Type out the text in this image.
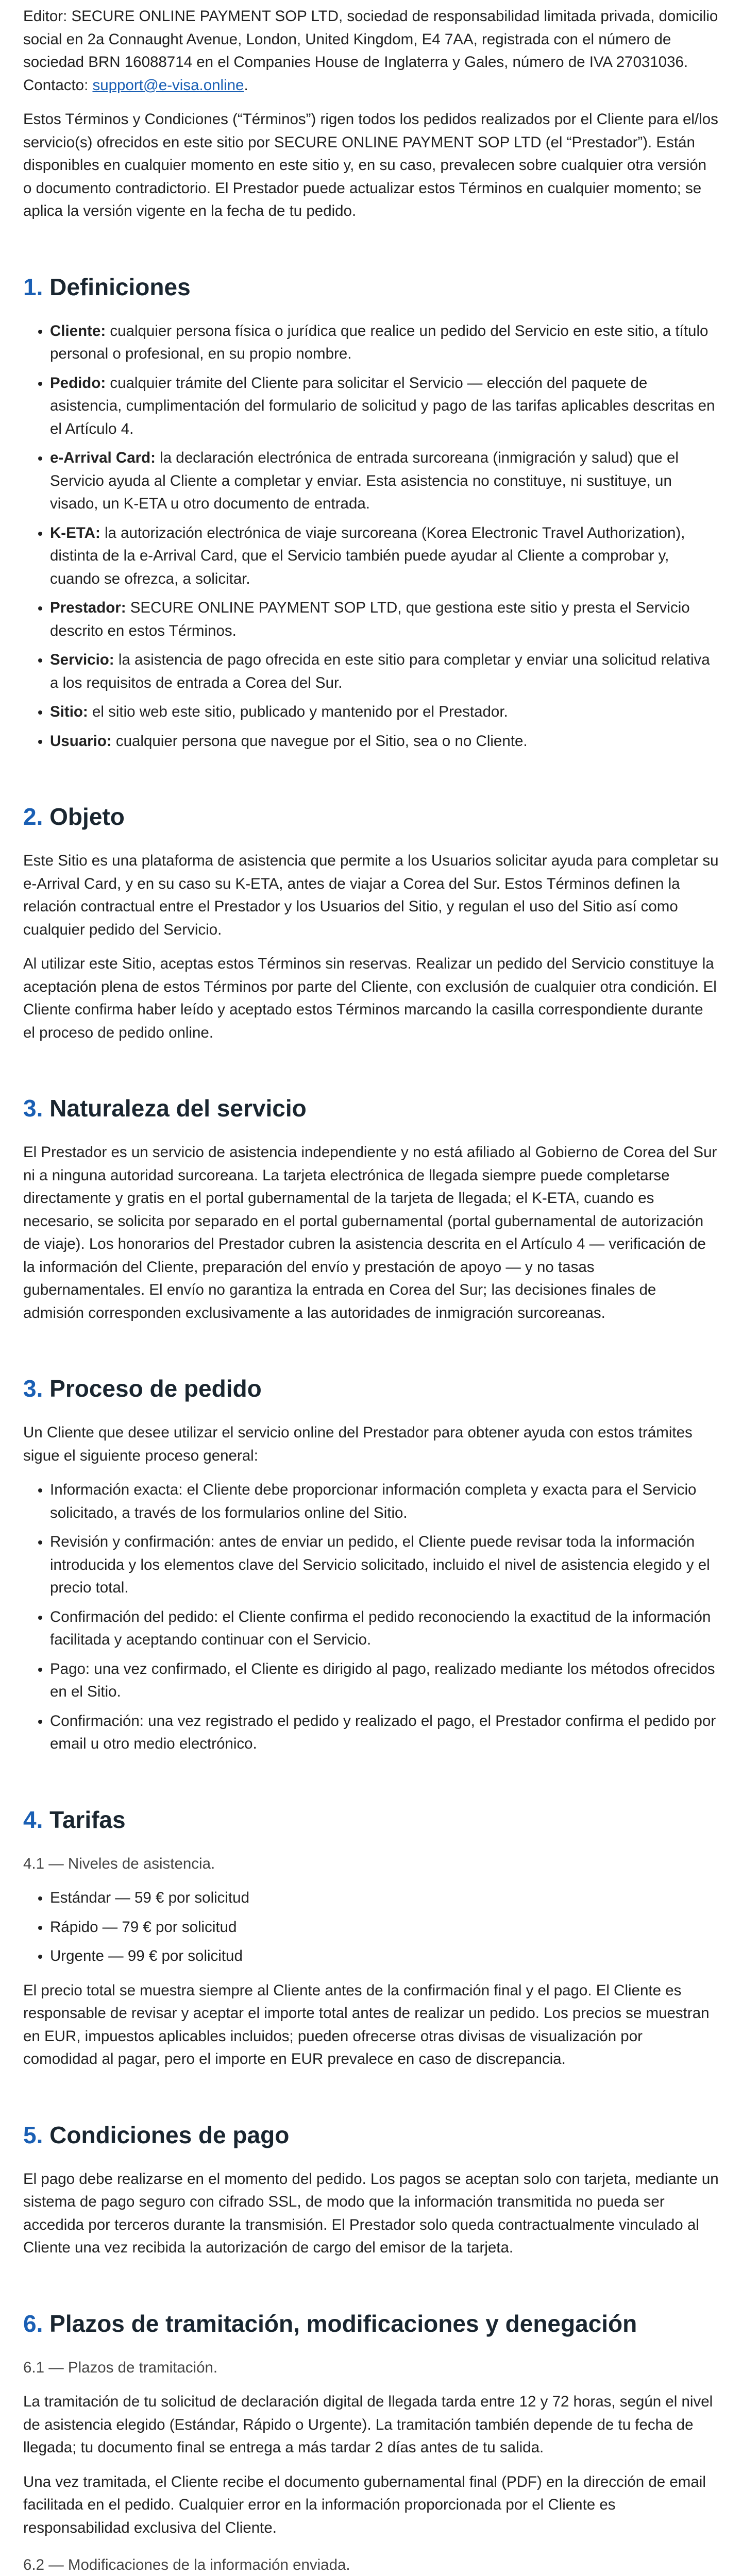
Editor: SECURE ONLINE PAYMENT SOP LTD, sociedad de responsabilidad limitada privada, domicilio social en 2a Connaught Avenue, London, United Kingdom, E4 7AA, registrada con el número de sociedad BRN 16088714 en el Companies House de Inglaterra y Gales, número de IVA 27031036. Contacto: support@e-visa.online.

Estos Términos y Condiciones (“Términos”) rigen todos los pedidos realizados por el Cliente para el/los servicio(s) ofrecidos en este sitio por SECURE ONLINE PAYMENT SOP LTD (el “Prestador”). Están disponibles en cualquier momento en este sitio y, en su caso, prevalecen sobre cualquier otra versión o documento contradictorio. El Prestador puede actualizar estos Términos en cualquier momento; se aplica la versión vigente en la fecha de tu pedido.

1. Definiciones
• Cliente: cualquier persona física o jurídica que realice un pedido del Servicio en este sitio, a título personal o profesional, en su propio nombre.
• Pedido: cualquier trámite del Cliente para solicitar el Servicio — elección del paquete de asistencia, cumplimentación del formulario de solicitud y pago de las tarifas aplicables descritas en el Artículo 4.
• e-Arrival Card: la declaración electrónica de entrada surcoreana (inmigración y salud) que el Servicio ayuda al Cliente a completar y enviar. Esta asistencia no constituye, ni sustituye, un visado, un K-ETA u otro documento de entrada.
• K-ETA: la autorización electrónica de viaje surcoreana (Korea Electronic Travel Authorization), distinta de la e-Arrival Card, que el Servicio también puede ayudar al Cliente a comprobar y, cuando se ofrezca, a solicitar.
• Prestador: SECURE ONLINE PAYMENT SOP LTD, que gestiona este sitio y presta el Servicio descrito en estos Términos.
• Servicio: la asistencia de pago ofrecida en este sitio para completar y enviar una solicitud relativa a los requisitos de entrada a Corea del Sur.
• Sitio: el sitio web este sitio, publicado y mantenido por el Prestador.
• Usuario: cualquier persona que navegue por el Sitio, sea o no Cliente.
2. Objeto

Este Sitio es una plataforma de asistencia que permite a los Usuarios solicitar ayuda para completar su e-Arrival Card, y en su caso su K-ETA, antes de viajar a Corea del Sur. Estos Términos definen la relación contractual entre el Prestador y los Usuarios del Sitio, y regulan el uso del Sitio así como cualquier pedido del Servicio.

Al utilizar este Sitio, aceptas estos Términos sin reservas. Realizar un pedido del Servicio constituye la aceptación plena de estos Términos por parte del Cliente, con exclusión de cualquier otra condición. El Cliente confirma haber leído y aceptado estos Términos marcando la casilla correspondiente durante el proceso de pedido online.

3. Naturaleza del servicio

El Prestador es un servicio de asistencia independiente y no está afiliado al Gobierno de Corea del Sur ni a ninguna autoridad surcoreana. La tarjeta electrónica de llegada siempre puede completarse directamente y gratis en el portal gubernamental de la tarjeta de llegada; el K-ETA, cuando es necesario, se solicita por separado en el portal gubernamental (portal gubernamental de autorización de viaje). Los honorarios del Prestador cubren la asistencia descrita en el Artículo 4 — verificación de la información del Cliente, preparación del envío y prestación de apoyo — y no tasas gubernamentales. El envío no garantiza la entrada en Corea del Sur; las decisiones finales de admisión corresponden exclusivamente a las autoridades de inmigración surcoreanas.

3. Proceso de pedido

Un Cliente que desee utilizar el servicio online del Prestador para obtener ayuda con estos trámites sigue el siguiente proceso general:

• Información exacta: el Cliente debe proporcionar información completa y exacta para el Servicio solicitado, a través de los formularios online del Sitio.
• Revisión y confirmación: antes de enviar un pedido, el Cliente puede revisar toda la información introducida y los elementos clave del Servicio solicitado, incluido el nivel de asistencia elegido y el precio total.
• Confirmación del pedido: el Cliente confirma el pedido reconociendo la exactitud de la información facilitada y aceptando continuar con el Servicio.
• Pago: una vez confirmado, el Cliente es dirigido al pago, realizado mediante los métodos ofrecidos en el Sitio.
• Confirmación: una vez registrado el pedido y realizado el pago, el Prestador confirma el pedido por email u otro medio electrónico.
4. Tarifas
4.1 — Niveles de asistencia.
• Estándar — 59 € por solicitud
• Rápido — 79 € por solicitud
• Urgente — 99 € por solicitud

El precio total se muestra siempre al Cliente antes de la confirmación final y el pago. El Cliente es responsable de revisar y aceptar el importe total antes de realizar un pedido. Los precios se muestran en EUR, impuestos aplicables incluidos; pueden ofrecerse otras divisas de visualización por comodidad al pagar, pero el importe en EUR prevalece en caso de discrepancia.

5. Condiciones de pago

El pago debe realizarse en el momento del pedido. Los pagos se aceptan solo con tarjeta, mediante un sistema de pago seguro con cifrado SSL, de modo que la información transmitida no pueda ser accedida por terceros durante la transmisión. El Prestador solo queda contractualmente vinculado al Cliente una vez recibida la autorización de cargo del emisor de la tarjeta.

6. Plazos de tramitación, modificaciones y denegación
6.1 — Plazos de tramitación.

La tramitación de tu solicitud de declaración digital de llegada tarda entre 12 y 72 horas, según el nivel de asistencia elegido (Estándar, Rápido o Urgente). La tramitación también depende de tu fecha de llegada; tu documento final se entrega a más tardar 2 días antes de tu salida.

Una vez tramitada, el Cliente recibe el documento gubernamental final (PDF) en la dirección de email facilitada en el pedido. Cualquier error en la información proporcionada por el Cliente es responsabilidad exclusiva del Cliente.

6.2 — Modificaciones de la información enviada.
